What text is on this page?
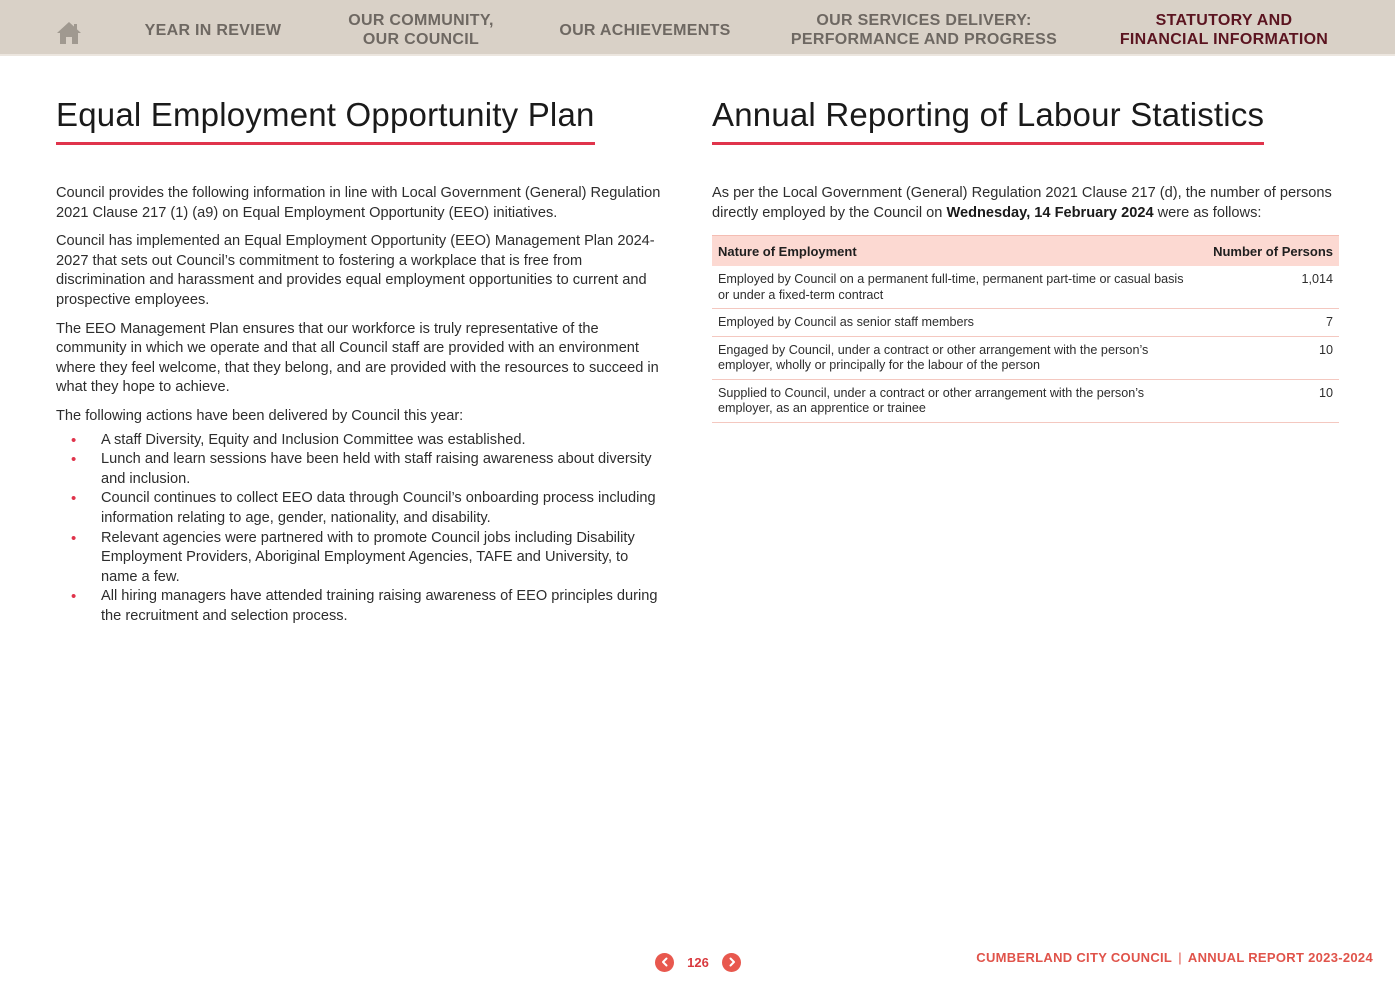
YEAR IN REVIEW
OUR COMMUNITY,
OUR COUNCIL
OUR ACHIEVEMENTS
OUR SERVICES DELIVERY:
PERFORMANCE AND PROGRESS
STATUTORY AND
FINANCIAL INFORMATION
Equal Employment Opportunity Plan

Council provides the following information in line with Local Government (General) Regulation 2021 Clause 217 (1) (a9) on Equal Employment Opportunity (EEO) initiatives.

Council has implemented an Equal Employment Opportunity (EEO) Management Plan 2024-2027 that sets out Council’s commitment to fostering a workplace that is free from discrimination and harassment and provides equal employment opportunities to current and prospective employees.

The EEO Management Plan ensures that our workforce is truly representative of the community in which we operate and that all Council staff are provided with an environment where they feel welcome, that they belong, and are provided with the resources to succeed in what they hope to achieve.

The following actions have been delivered by Council this year:

• A staff Diversity, Equity and Inclusion Committee was established.
• Lunch and learn sessions have been held with staff raising awareness about diversity and inclusion.
• Council continues to collect EEO data through Council’s onboarding process including information relating to age, gender, nationality, and disability.
• Relevant agencies were partnered with to promote Council jobs including Disability Employment Providers, Aboriginal Employment Agencies, TAFE and University, to name a few.
• All hiring managers have attended training raising awareness of EEO principles during the recruitment and selection process.
Annual Reporting of Labour Statistics

As per the Local Government (General) Regulation 2021 Clause 217 (d), the number of persons directly employed by the Council on Wednesday, 14 February 2024 were as follows:

Nature of Employment	Number of Persons
Employed by Council on a permanent full-time, permanent part-time or casual basis or under a fixed-term contract	1,014
Employed by Council as senior staff members	7
Engaged by Council, under a contract or other arrangement with the person’s employer, wholly or principally for the labour of the person	10
Supplied to Council, under a contract or other arrangement with the person’s employer, as an apprentice or trainee	10
126	CUMBERLAND CITY COUNCIL | ANNUAL REPORT 2023-2024
